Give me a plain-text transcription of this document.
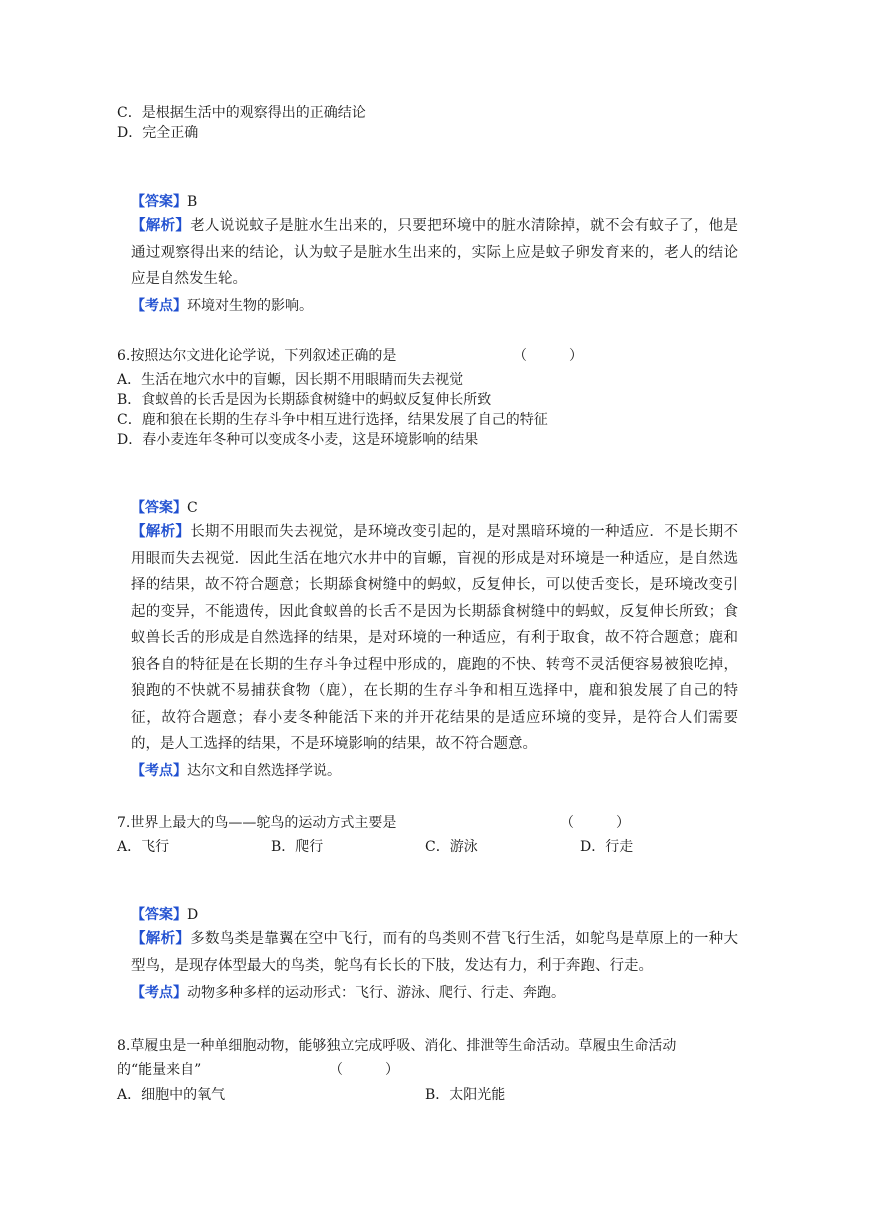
C．是根据生活中的观察得出的正确结论
D．完全正确
【答案】B
【解析】老人说说蚊子是脏水生出来的，只要把环境中的脏水清除掉，就不会有蚊子了，他是通过观察得出来的结论，认为蚊子是脏水生出来的，实际上应是蚊子卵发育来的，老人的结论应是自然发生轮。
【考点】环境对生物的影响。
6.按照达尔文进化论学说，下列叙述正确的是	（　　　）
A．生活在地穴水中的盲螈，因长期不用眼睛而失去视觉
B．食蚁兽的长舌是因为长期舔食树缝中的蚂蚁反复伸长所致
C．鹿和狼在长期的生存斗争中相互进行选择，结果发展了自己的特征
D．春小麦连年冬种可以变成冬小麦，这是环境影响的结果
【答案】C
【解析】长期不用眼而失去视觉，是环境改变引起的，是对黑暗环境的一种适应．不是长期不用眼而失去视觉．因此生活在地穴水井中的盲螈，盲视的形成是对环境是一种适应，是自然选择的结果，故不符合题意；长期舔食树缝中的蚂蚁，反复伸长，可以使舌变长，是环境改变引起的变异，不能遗传，因此食蚁兽的长舌不是因为长期舔食树缝中的蚂蚁，反复伸长所致；食蚁兽长舌的形成是自然选择的结果，是对环境的一种适应，有利于取食，故不符合题意；鹿和狼各自的特征是在长期的生存斗争过程中形成的，鹿跑的不快、转弯不灵活便容易被狼吃掉，狼跑的不快就不易捕获食物（鹿），在长期的生存斗争和相互选择中，鹿和狼发展了自己的特征，故符合题意；春小麦冬种能活下来的并开花结果的是适应环境的变异，是符合人们需要的，是人工选择的结果，不是环境影响的结果，故不符合题意。
【考点】达尔文和自然选择学说。
7.世界上最大的鸟——鸵鸟的运动方式主要是	（　　　）
A．飞行	B．爬行	C．游泳	D．行走
【答案】D
【解析】多数鸟类是靠翼在空中飞行，而有的鸟类则不营飞行生活，如鸵鸟是草原上的一种大型鸟，是现存体型最大的鸟类，鸵鸟有长长的下肢，发达有力，利于奔跑、行走。
【考点】动物多种多样的运动形式：飞行、游泳、爬行、行走、奔跑。
8.草履虫是一种单细胞动物，能够独立完成呼吸、消化、排泄等生命活动。草履虫生命活动
的“能量来自”	（　　　）
A．细胞中的氧气	B．太阳光能
